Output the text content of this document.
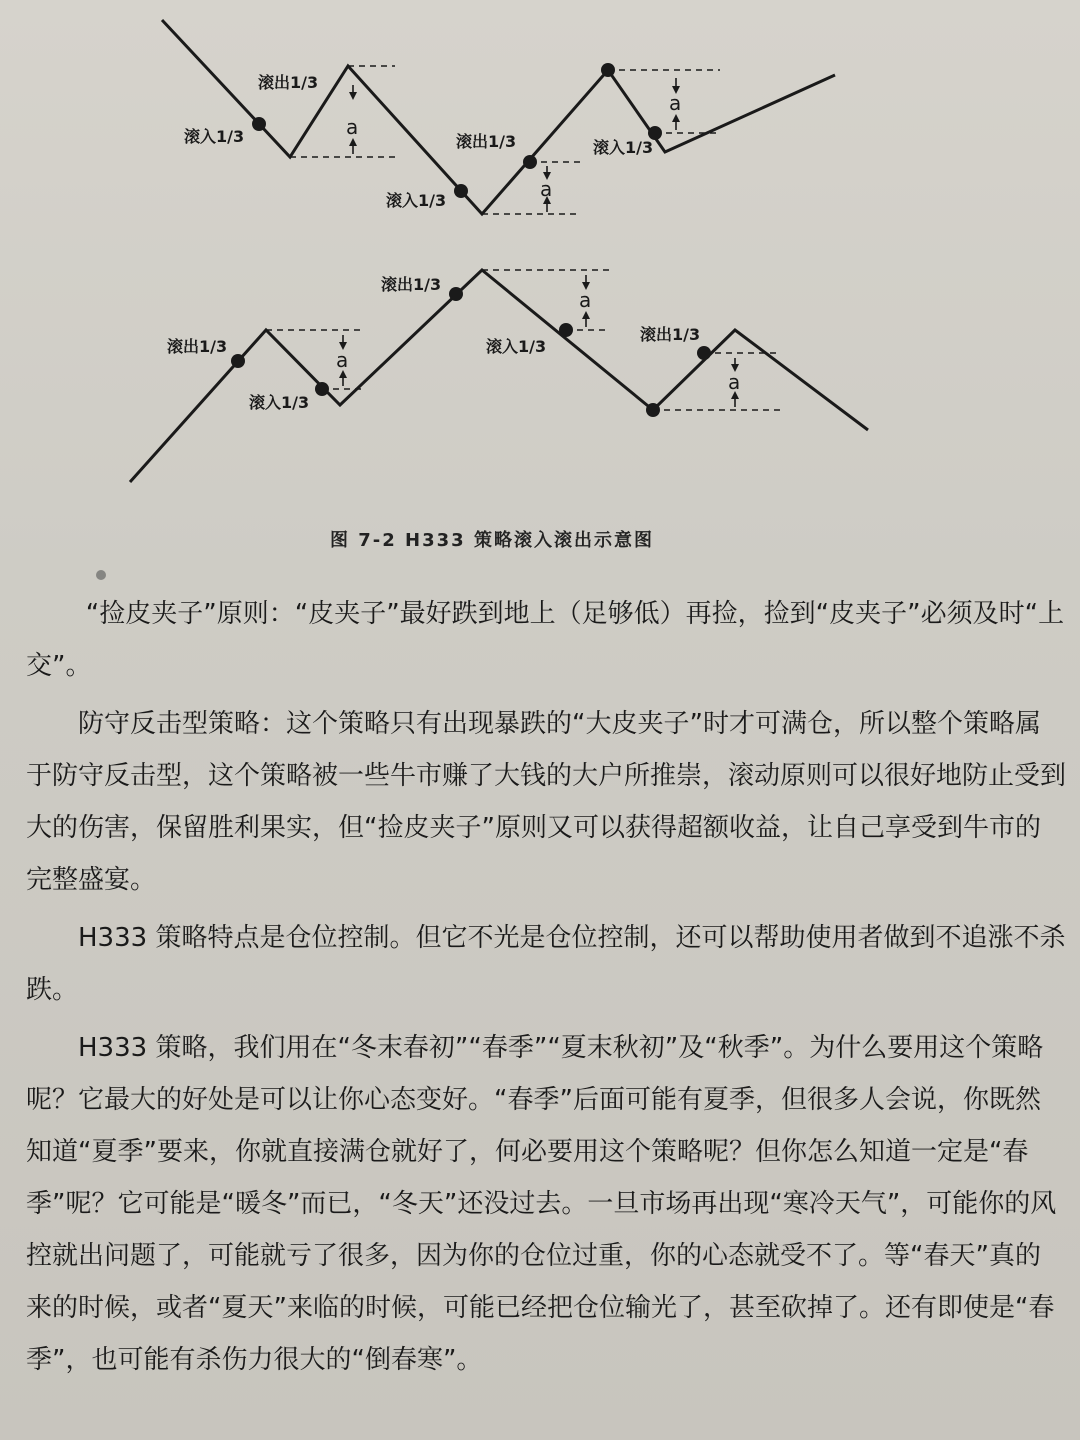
a
a
a
滚出1/3
滚入1/3	滚出1/3
滚入1/3
滚入1/3
a
a
a
滚出1/3
滚入1/3
滚出1/3
滚入1/3
滚出1/3
图 7-2 H333 策略滚入滚出示意图

“捡皮夹子”原则：“皮夹子”最好跌到地上（足够低）再捡，捡到“皮夹子”必须及时“上交”。

防守反击型策略：这个策略只有出现暴跌的“大皮夹子”时才可满仓，所以整个策略属于防守反击型，这个策略被一些牛市赚了大钱的大户所推崇，滚动原则可以很好地防止受到大的伤害，保留胜利果实，但“捡皮夹子”原则又可以获得超额收益，让自己享受到牛市的完整盛宴。

H333 策略特点是仓位控制。但它不光是仓位控制，还可以帮助使用者做到不追涨不杀跌。

H333 策略，我们用在“冬末春初”“春季”“夏末秋初”及“秋季”。为什么要用这个策略呢？它最大的好处是可以让你心态变好。“春季”后面可能有夏季，但很多人会说，你既然知道“夏季”要来，你就直接满仓就好了，何必要用这个策略呢？但你怎么知道一定是“春季”呢？它可能是“暖冬”而已，“冬天”还没过去。一旦市场再出现“寒冷天气”，可能你的风控就出问题了，可能就亏了很多，因为你的仓位过重，你的心态就受不了。等“春天”真的来的时候，或者“夏天”来临的时候，可能已经把仓位输光了，甚至砍掉了。还有即使是“春季”，也可能有杀伤力很大的“倒春寒”。
